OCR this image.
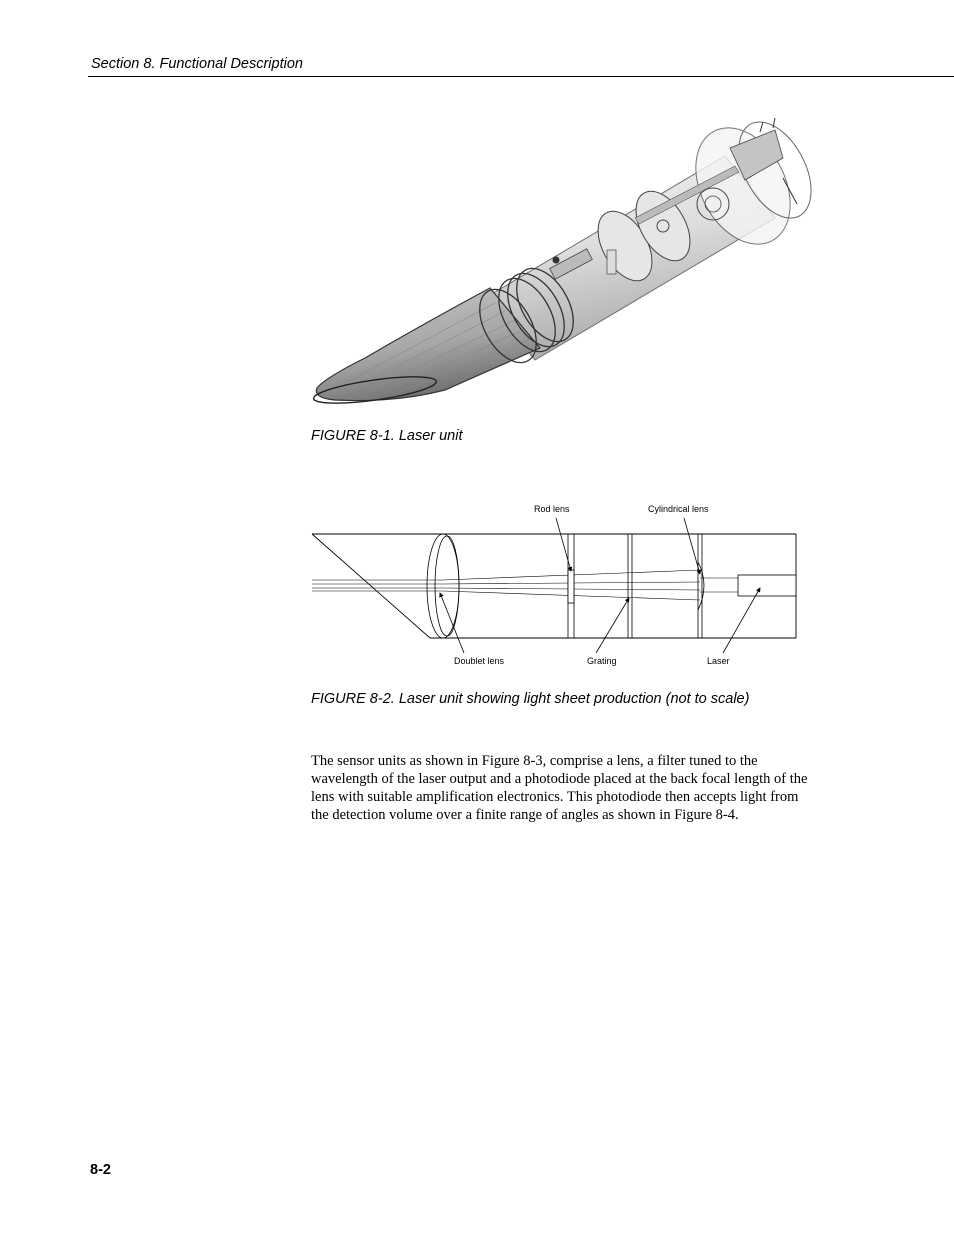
Section 8. Functional Description
FIGURE 8-1. Laser unit
Rod lens	Cylindrical lens
Doublet lens	Grating	Laser
FIGURE 8-2. Laser unit showing light sheet production (not to scale)

The sensor units as shown in Figure 8-3, comprise a lens, a filter tuned to the wavelength of the laser output and a photodiode placed at the back focal length of the lens with suitable amplification electronics. This photodiode then accepts light from the detection volume over a finite range of angles as shown in Figure 8-4.

8-2
